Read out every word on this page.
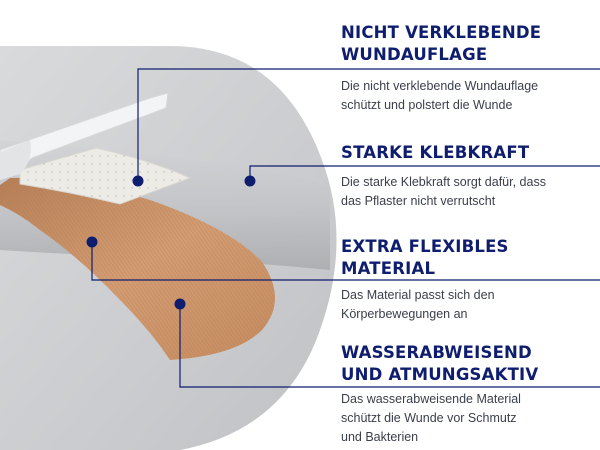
NICHT VERKLEBENDE
WUNDAUFLAGE

Die nicht verklebende Wundauflage
schützt und polstert die Wunde

STARKE KLEBKRAFT

Die starke Klebkraft sorgt dafür, dass
das Pflaster nicht verrutscht

EXTRA FLEXIBLES
MATERIAL

Das Material passt sich den
Körperbewegungen an

WASSERABWEISEND
UND ATMUNGSAKTIV

Das wasserabweisende Material
schützt die Wunde vor Schmutz
und Bakterien
